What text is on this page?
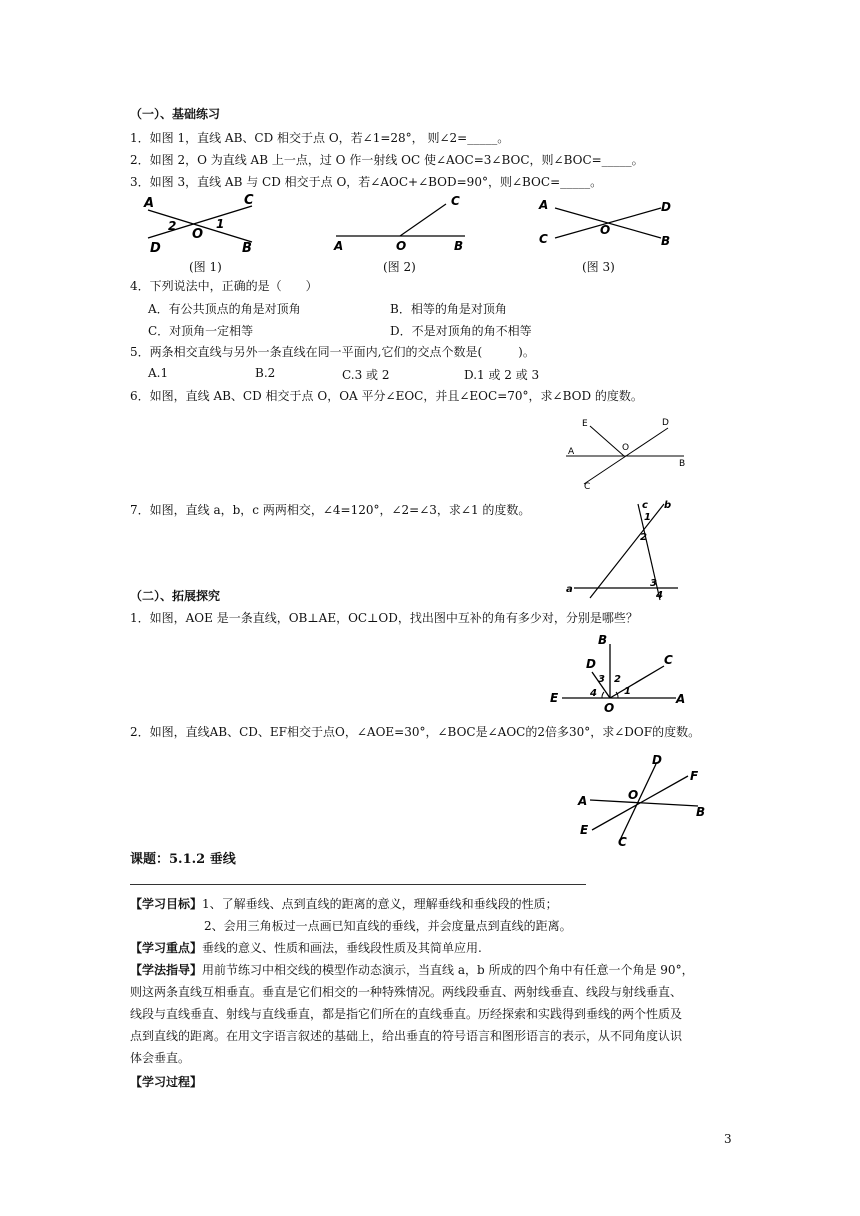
（一）、基础练习
1．如图 1，直线 AB、CD 相交于点 O，若∠1=28°， 则∠2=_____。
2．如图 2，O 为直线 AB 上一点，过 O 作一射线 OC 使∠AOC=3∠BOC，则∠BOC=_____。
3．如图 3，直线 AB 与 CD 相交于点 O，若∠AOC+∠BOD=90°，则∠BOC=_____。
A	C
D	B
O
1
2
A	O	B
C	A	D
C	B
O
(图 1)	(图 2)	(图 3)
4．下列说法中，正确的是（　　）
A．有公共顶点的角是对顶角	B．相等的角是对顶角
C．对顶角一定相等	D．不是对顶角的角不相等
5．两条相交直线与另外一条直线在同一平面内,它们的交点个数是(　　　)。
A.1	B.2	C.3 或 2	D.1 或 2 或 3
6．如图，直线 AB、CD 相交于点 O，OA 平分∠EOC，并且∠EOC=70°，求∠BOD 的度数。
E	D
A	O
B
C
7．如图，直线 a，b，c 两两相交，∠4=120°，∠2=∠3，求∠1 的度数。	c b
a
1
2
3
4
（二）、拓展探究
1．如图，AOE 是一条直线，OB⊥AE，OC⊥OD，找出图中互补的角有多少对，分别是哪些？
B
D	C
E
O
A
1
2
3
4
2．如图，直线AB、CD、EF相交于点O，∠AOE=30°，∠BOC是∠AOC的2倍多30°，求∠DOF的度数。
D
F
A	O
B
E
C
课题：5.1.2 垂线
【学习目标】1、了解垂线、点到直线的距离的意义，理解垂线和垂线段的性质；
2、会用三角板过一点画已知直线的垂线，并会度量点到直线的距离。
【学习重点】垂线的意义、性质和画法，垂线段性质及其简单应用.
【学法指导】用前节练习中相交线的模型作动态演示，当直线 a，b 所成的四个角中有任意一个角是 90°，
则这两条直线互相垂直。垂直是它们相交的一种特殊情况。两线段垂直、两射线垂直、线段与射线垂直、
线段与直线垂直、射线与直线垂直，都是指它们所在的直线垂直。历经探索和实践得到垂线的两个性质及
点到直线的距离。在用文字语言叙述的基础上，给出垂直的符号语言和图形语言的表示，从不同角度认识
体会垂直。
【学习过程】
3
